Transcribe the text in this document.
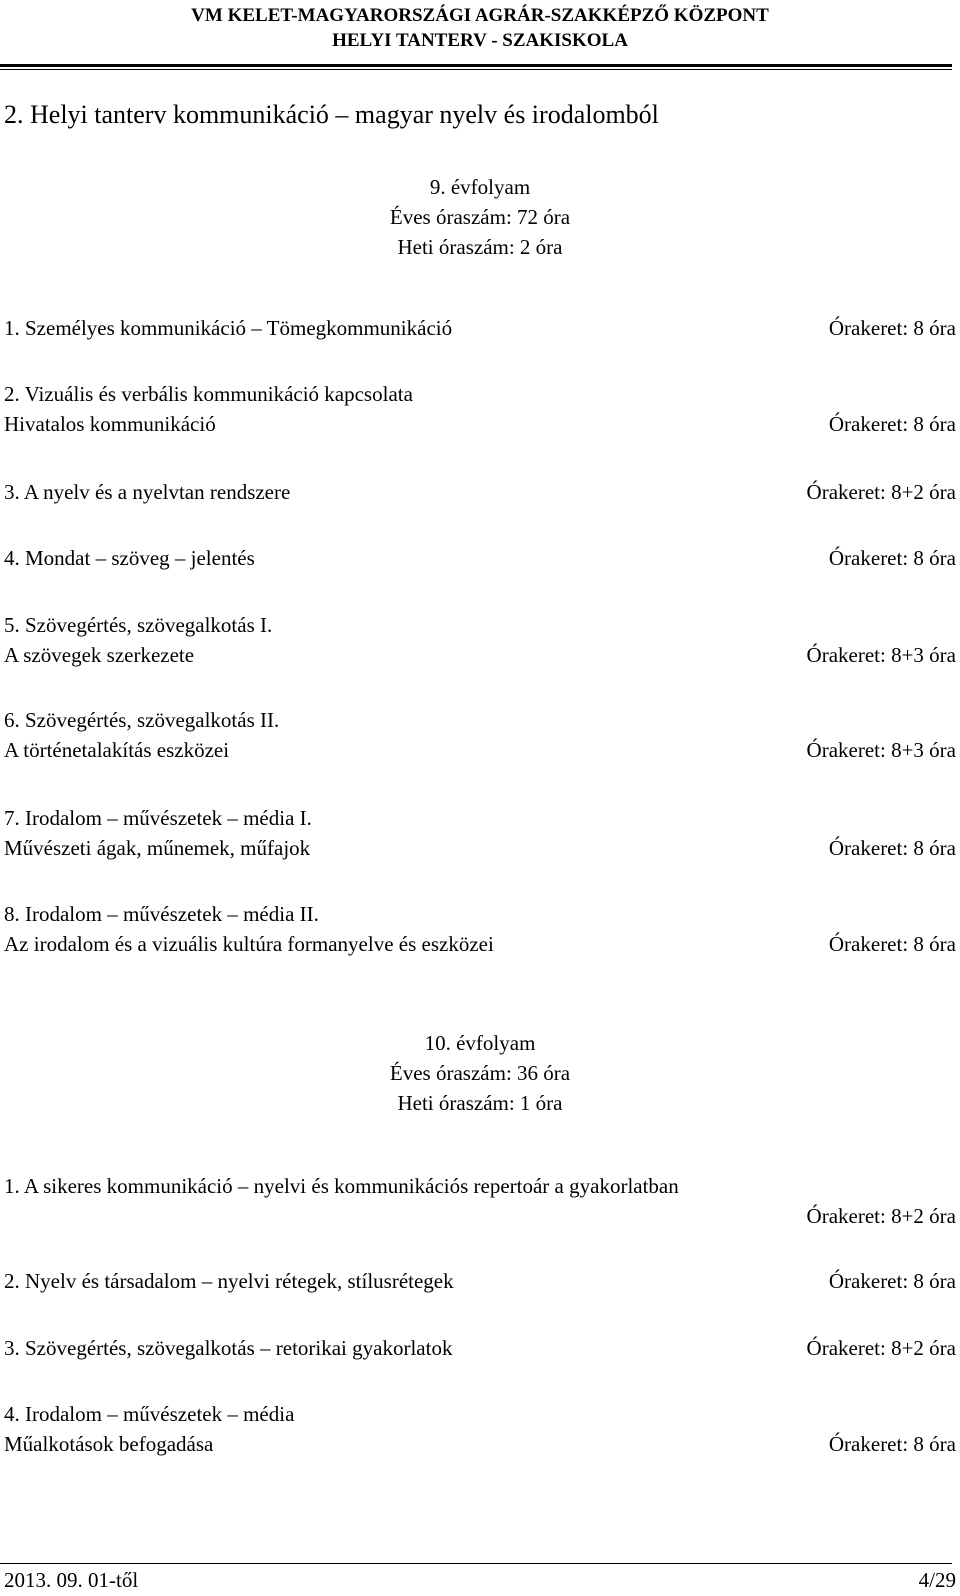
VM KELET-MAGYARORSZÁGI AGRÁR-SZAKKÉPZŐ KÖZPONT
HELYI TANTERV - SZAKISKOLA
2. Helyi tanterv kommunikáció – magyar nyelv és irodalomból
9. évfolyam
Éves óraszám: 72 óra
Heti óraszám: 2 óra
1. Személyes kommunikáció – Tömegkommunikáció	Órakeret: 8 óra
2. Vizuális és verbális kommunikáció kapcsolata
Hivatalos kommunikáció	Órakeret: 8 óra
3. A nyelv és a nyelvtan rendszere	Órakeret: 8+2 óra
4. Mondat – szöveg – jelentés	Órakeret: 8 óra
5. Szövegértés, szövegalkotás I.
A szövegek szerkezete	Órakeret: 8+3 óra
6. Szövegértés, szövegalkotás II.
A történetalakítás eszközei	Órakeret: 8+3 óra
7. Irodalom – művészetek – média I.
Művészeti ágak, műnemek, műfajok	Órakeret: 8 óra
8. Irodalom – művészetek – média II.
Az irodalom és a vizuális kultúra formanyelve és eszközei	Órakeret: 8 óra
10. évfolyam
Éves óraszám: 36 óra
Heti óraszám: 1 óra
1. A sikeres kommunikáció – nyelvi és kommunikációs repertoár a gyakorlatban
Órakeret: 8+2 óra
2. Nyelv és társadalom – nyelvi rétegek, stílusrétegek	Órakeret: 8 óra
3. Szövegértés, szövegalkotás – retorikai gyakorlatok	Órakeret: 8+2 óra
4. Irodalom – művészetek – média
Műalkotások befogadása	Órakeret: 8 óra
2013. 09. 01-től	4/29
